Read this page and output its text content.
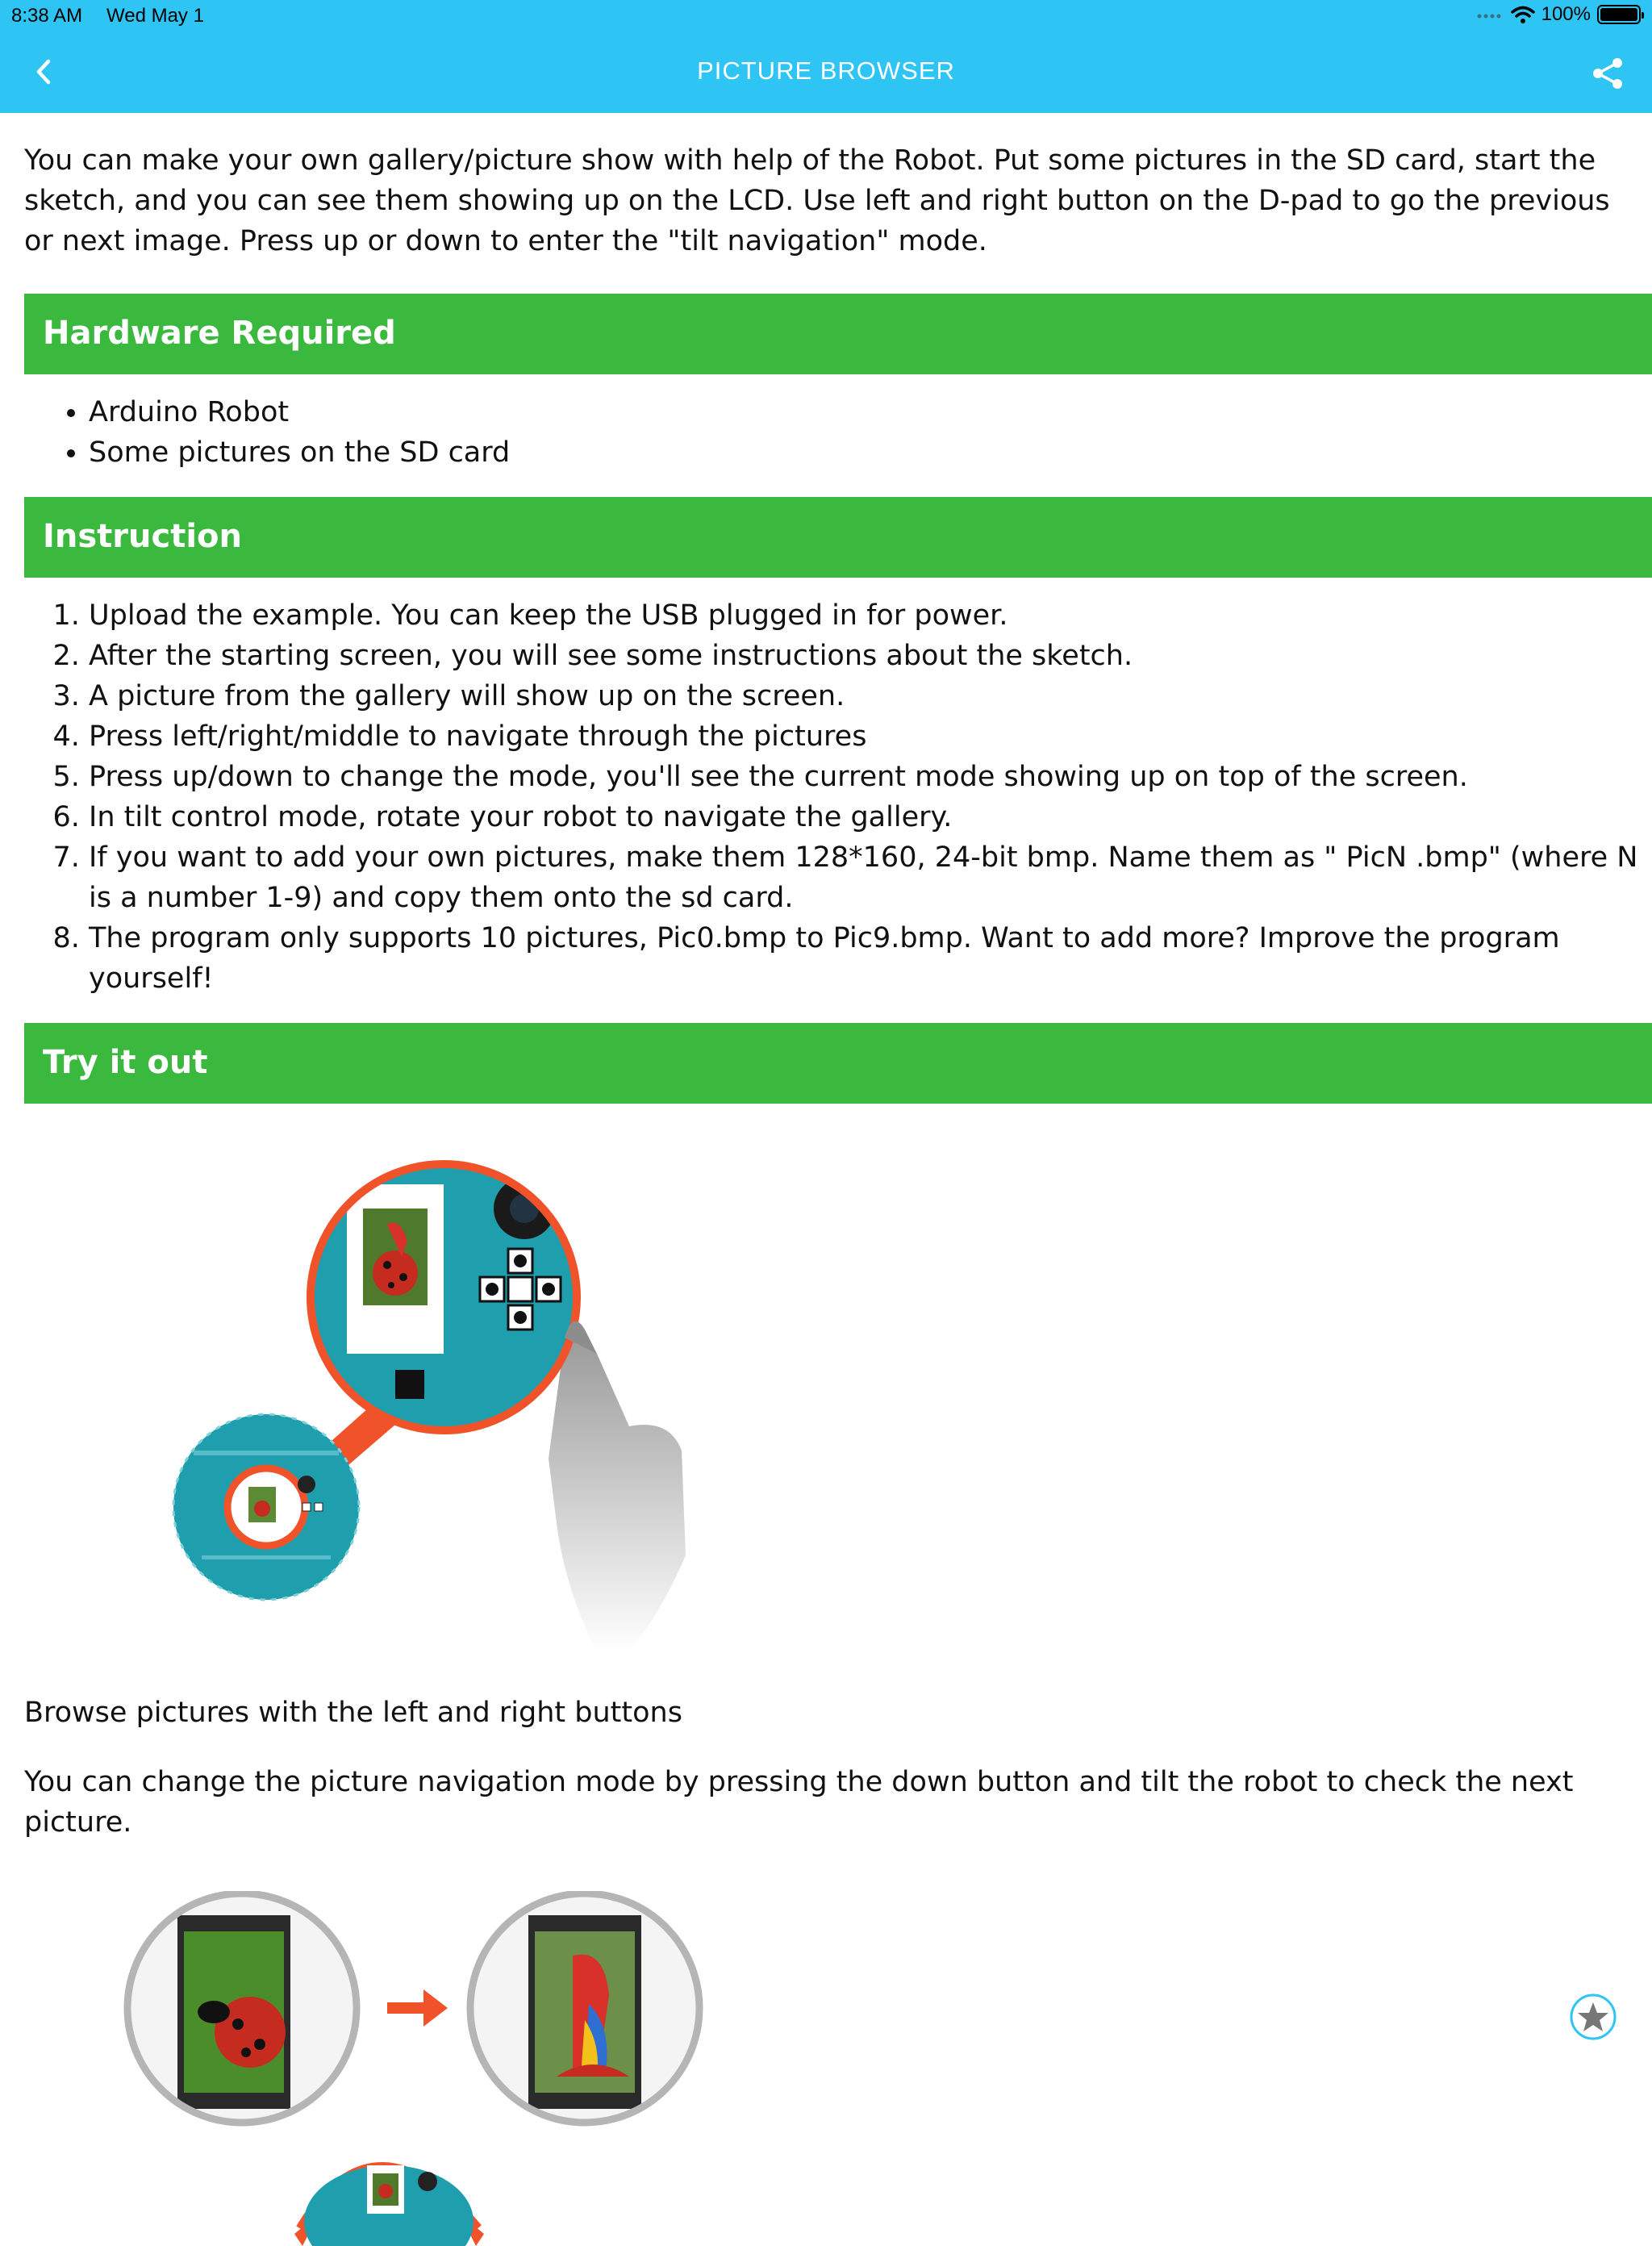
8:38 AM Wed May 1	100%
PICTURE BROWSER

You can make your own gallery/picture show with help of the Robot. Put some pictures in the SD card, start the sketch, and you can see them showing up on the LCD. Use left and right button on the D-pad to go the previous or next image. Press up or down to enter the "tilt navigation" mode.

Hardware Required
• Arduino Robot
• Some pictures on the SD card
Instruction
1. Upload the example. You can keep the USB plugged in for power.
2. After the starting screen, you will see some instructions about the sketch.
3. A picture from the gallery will show up on the screen.
4. Press left/right/middle to navigate through the pictures
5. Press up/down to change the mode, you'll see the current mode showing up on top of the screen.
6. In tilt control mode, rotate your robot to navigate the gallery.
7. If you want to add your own pictures, make them 128*160, 24-bit bmp. Name them as " PicN .bmp" (where N is a number 1-9) and copy them onto the sd card.
8. The program only supports 10 pictures, Pic0.bmp to Pic9.bmp. Want to add more? Improve the program yourself!
Try it out

Browse pictures with the left and right buttons

You can change the picture navigation mode by pressing the down button and tilt the robot to check the next picture.
